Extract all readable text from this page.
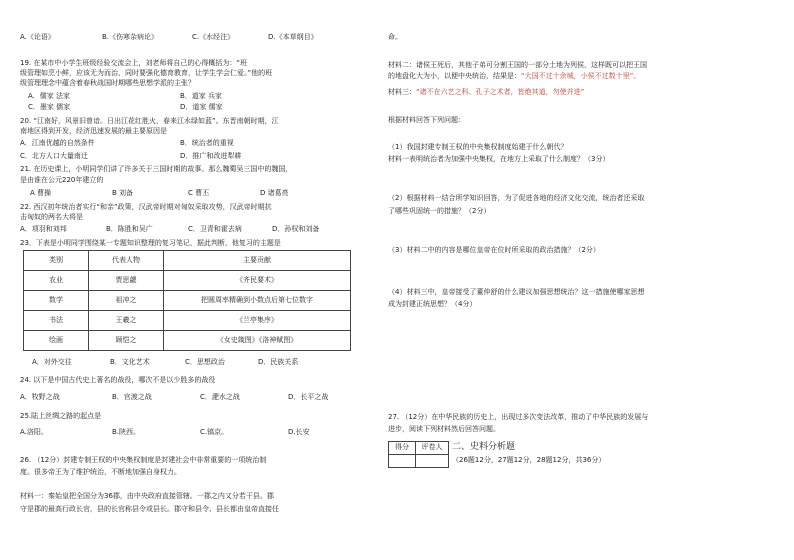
A.《论语》	B.《伤寒杂病论》	C.《水经注》	D.《本草纲目》
19. 在某市中小学生班级经验交流会上，刘老师将自己的心得概括为：“班
级管理如烹小鲜，应该无为而治，同时要强化德育教育，让学生学会仁爱。”他的班
级管理理念中蕴含着春秋战国时期哪些思想学派的主张？
A．儒家 法家	B．道家 兵家
C．墨家 儒家	D．道家 儒家
20. “江南好，风景旧曾谙。日出江花红胜火，春来江水绿如蓝”。东晋南朝时期，江
南地区得到开发，经济迅速发展的最主要原因是
A．江南优越的自然条件	B．统治者的重视
C．北方人口大量南迁	D．推广和改进犁耕
21. 在历史课上，小明同学们讲了许多关于三国时期的故事。那么魏蜀吴三国中的魏国，
是由谁在公元220年建立的
A 曹操	B 刘备	C 曹丕	D 诸葛亮
22. 西汉初年统治者实行“和亲”政策，汉武帝时期对匈奴采取攻势，汉武帝时期抗
击匈奴的两名大将是
A．项羽和刘邦	B．陈胜和吴广	C．卫青和霍去病	D．孙权和刘备
23．下表是小明同学围绕某一专题知识整理的复习笔记，据此判断，他复习的主题是
类别	代表人物	主要贡献
农业	贾思勰	《齐民要术》
数学	祖冲之	把圆周率精确到小数点后第七位数字
书法	王羲之	《兰亭集序》
绘画	顾恺之	《女史箴图》《洛神赋图》
A．对外交往	B．文化艺术	C．思想政治	D．民族关系
24. 以下是中国古代史上著名的战役，哪次不是以少胜多的战役
A．牧野之战	B．官渡之战	C．淝水之战	D．长平之战
25.陆上丝绸之路的起点是
A.洛阳。	B.陕西。	C.镐京。	D.长安
26. （12分）封建专制王权的中央集权制度是封建社会中非常重要的一项统治制
度。很多帝王为了维护统治，不断地加强自身权力。
材料一：秦始皇把全国分为36郡，由中央政府直接管辖。一郡之内又分若干县。郡
守是郡的最高行政长官，县的长官称县令或县长。郡守和县令、县长都由皇帝直接任
命。
材料二：诸侯王死后，其他子弟可分割王国的一部分土地为列侯，这样既可以把王国
的地盘化大为小，以便中央统治，结果是：“大国不过十余城，小侯不过数十里”。
材料三：“诸不在六艺之科、孔子之术者，皆绝其道，勿使并进”
根据材料回答下列问题：
（1）我国封建专制王权的中央集权制度始建于什么朝代？
材料一表明统治者为加强中央集权，在地方上采取了什么制度？（3分）
（2）根据材料一结合所学知识回答，为了促进各地的经济文化交流，统治者还采取
了哪些巩固统一的措施？（2分）
（3）材料二中的内容是哪位皇帝在位时所采取的政治措施？（2分）
（4）材料三中，皇帝接受了董仲舒的什么建议加强思想统治？这一措施使哪家思想
成为封建正统思想？（4分）
27. （12分）在中华民族的历史上，出现过多次变法改革，推动了中华民族的发展与
进步，阅读下列材料然后回答问题。
得分	评卷人
	二、史料分析题
（26题12分，27题12分，28题12分，共36分）
